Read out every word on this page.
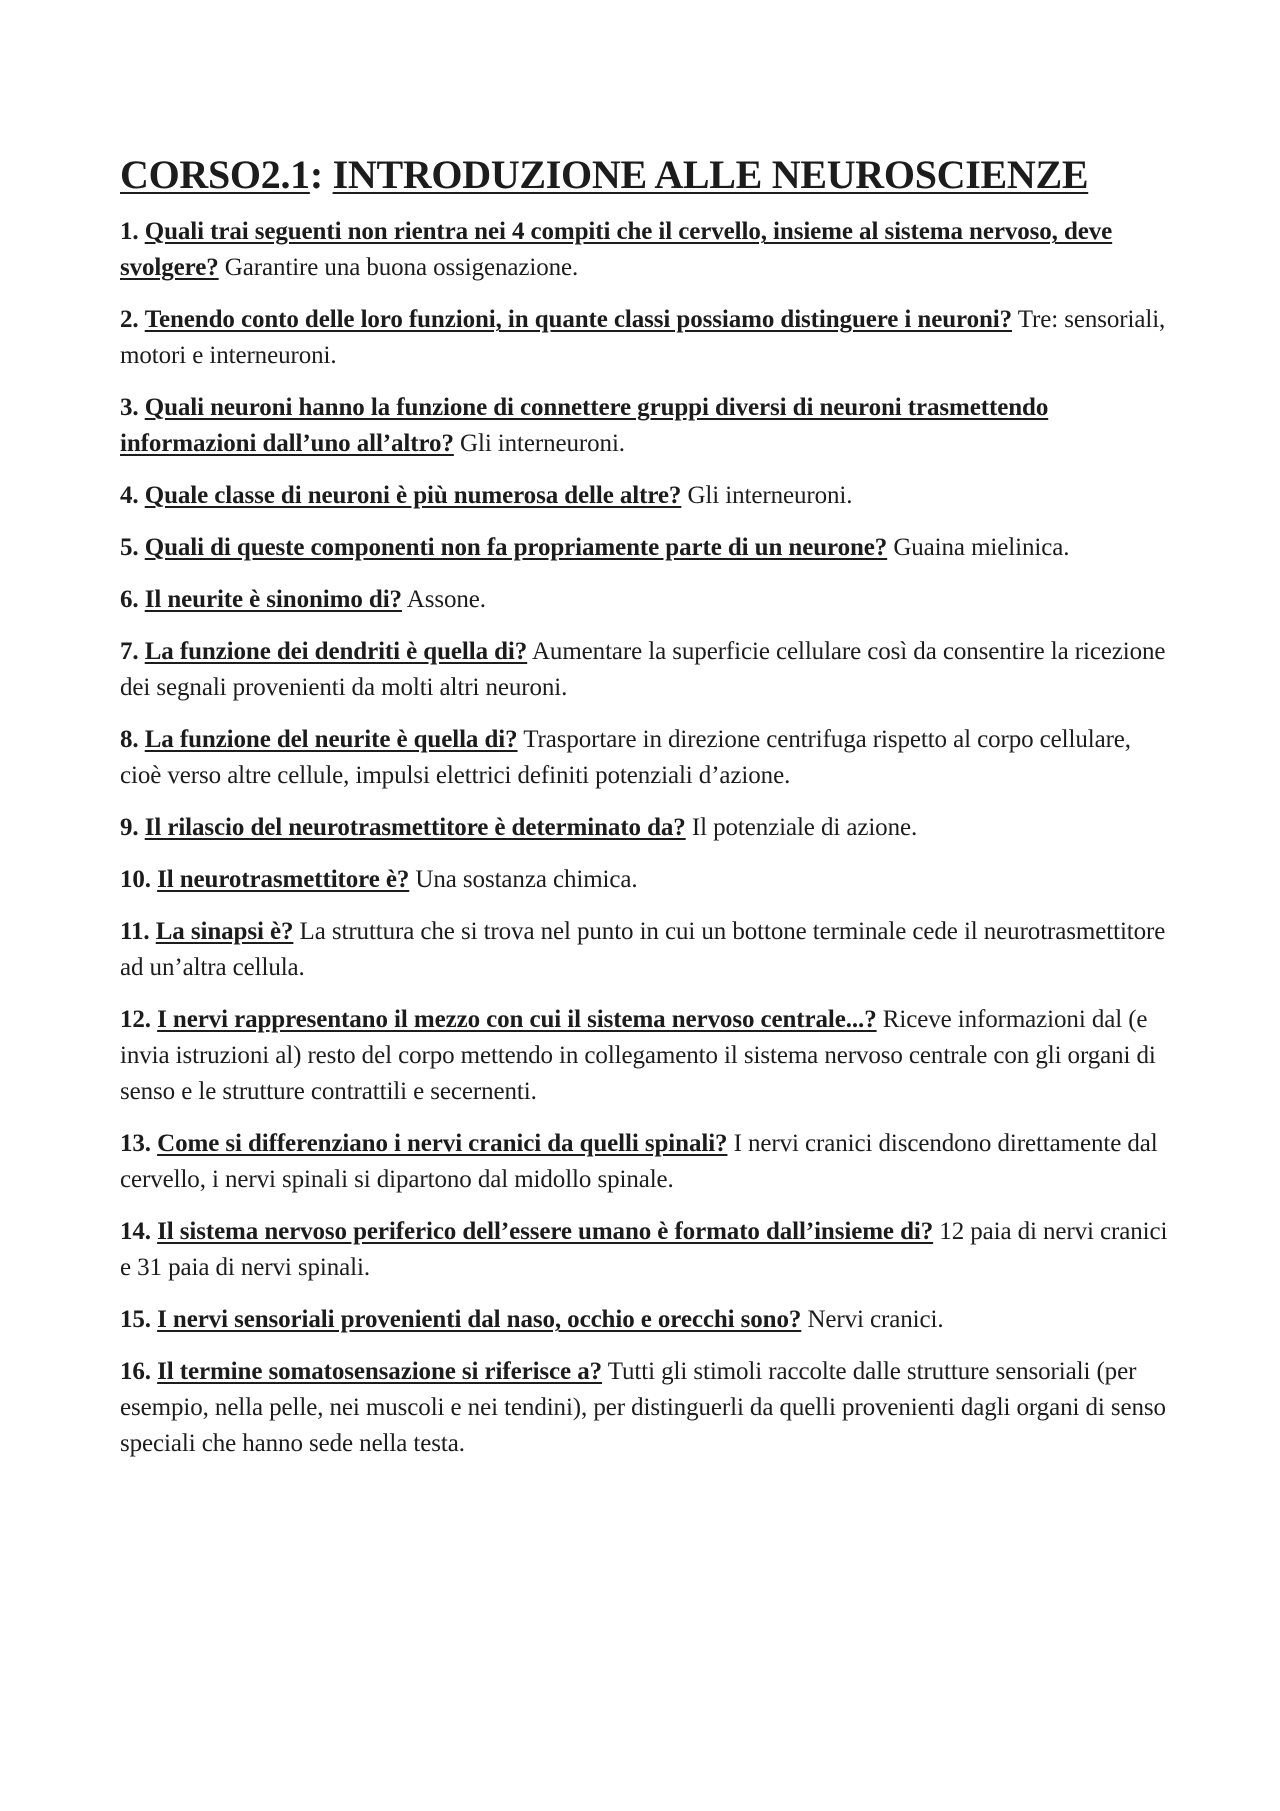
CORSO2.1: INTRODUZIONE ALLE NEUROSCIENZE

1. Quali trai seguenti non rientra nei 4 compiti che il cervello, insieme al sistema nervoso, deve svolgere? Garantire una buona ossigenazione.

2. Tenendo conto delle loro funzioni, in quante classi possiamo distinguere i neuroni? Tre: sensoriali, motori e interneuroni.

3. Quali neuroni hanno la funzione di connettere gruppi diversi di neuroni trasmettendo informazioni dall’uno all’altro? Gli interneuroni.

4. Quale classe di neuroni è più numerosa delle altre? Gli interneuroni.

5. Quali di queste componenti non fa propriamente parte di un neurone? Guaina mielinica.

6. Il neurite è sinonimo di? Assone.

7. La funzione dei dendriti è quella di? Aumentare la superficie cellulare così da consentire la ricezione dei segnali provenienti da molti altri neuroni.

8. La funzione del neurite è quella di? Trasportare in direzione centrifuga rispetto al corpo cellulare, cioè verso altre cellule, impulsi elettrici definiti potenziali d’azione.

9. Il rilascio del neurotrasmettitore è determinato da? Il potenziale di azione.

10. Il neurotrasmettitore è? Una sostanza chimica.

11. La sinapsi è? La struttura che si trova nel punto in cui un bottone terminale cede il neurotrasmettitore ad un’altra cellula.

12. I nervi rappresentano il mezzo con cui il sistema nervoso centrale...? Riceve informazioni dal (e invia istruzioni al) resto del corpo mettendo in collegamento il sistema nervoso centrale con gli organi di senso e le strutture contrattili e secernenti.

13. Come si differenziano i nervi cranici da quelli spinali? I nervi cranici discendono direttamente dal cervello, i nervi spinali si dipartono dal midollo spinale.

14. Il sistema nervoso periferico dell’essere umano è formato dall’insieme di? 12 paia di nervi cranici e 31 paia di nervi spinali.

15. I nervi sensoriali provenienti dal naso, occhio e orecchi sono? Nervi cranici.

16. Il termine somatosensazione si riferisce a? Tutti gli stimoli raccolte dalle strutture sensoriali (per esempio, nella pelle, nei muscoli e nei tendini), per distinguerli da quelli provenienti dagli organi di senso speciali che hanno sede nella testa.
